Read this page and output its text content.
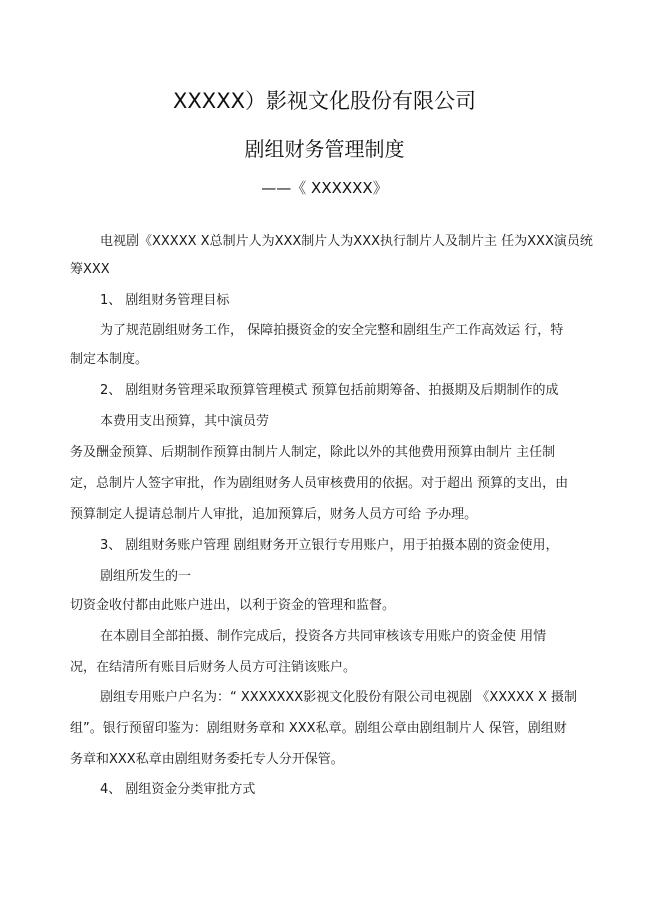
XXXXX）影视文化股份有限公司
剧组财务管理制度
——《 XXXXXX》
电视剧《XXXXX X总制片人为XXX制片人为XXX执行制片人及制片主 任为XXX演员统
筹XXX
1、 剧组财务管理目标
为了规范剧组财务工作， 保障拍摄资金的安全完整和剧组生产工作高效运 行，特
制定本制度。
2、 剧组财务管理采取预算管理模式 预算包括前期筹备、拍摄期及后期制作的成
本费用支出预算，其中演员劳
务及酬金预算、后期制作预算由制片人制定，除此以外的其他费用预算由制片 主任制
定，总制片人签字审批，作为剧组财务人员审核费用的依据。对于超出 预算的支出，由
预算制定人提请总制片人审批，追加预算后，财务人员方可给 予办理。
3、 剧组财务账户管理 剧组财务开立银行专用账户，用于拍摄本剧的资金使用，
剧组所发生的一
切资金收付都由此账户进出，以利于资金的管理和监督。
在本剧目全部拍摄、制作完成后，投资各方共同审核该专用账户的资金使 用情
况，在结清所有账目后财务人员方可注销该账户。
剧组专用账户户名为：“ XXXXXXX影视文化股份有限公司电视剧 《XXXXX X 摄制
组”。银行预留印鉴为：剧组财务章和 XXX私章。剧组公章由剧组制片人 保管，剧组财
务章和XXX私章由剧组财务委托专人分开保管。
4、 剧组资金分类审批方式
